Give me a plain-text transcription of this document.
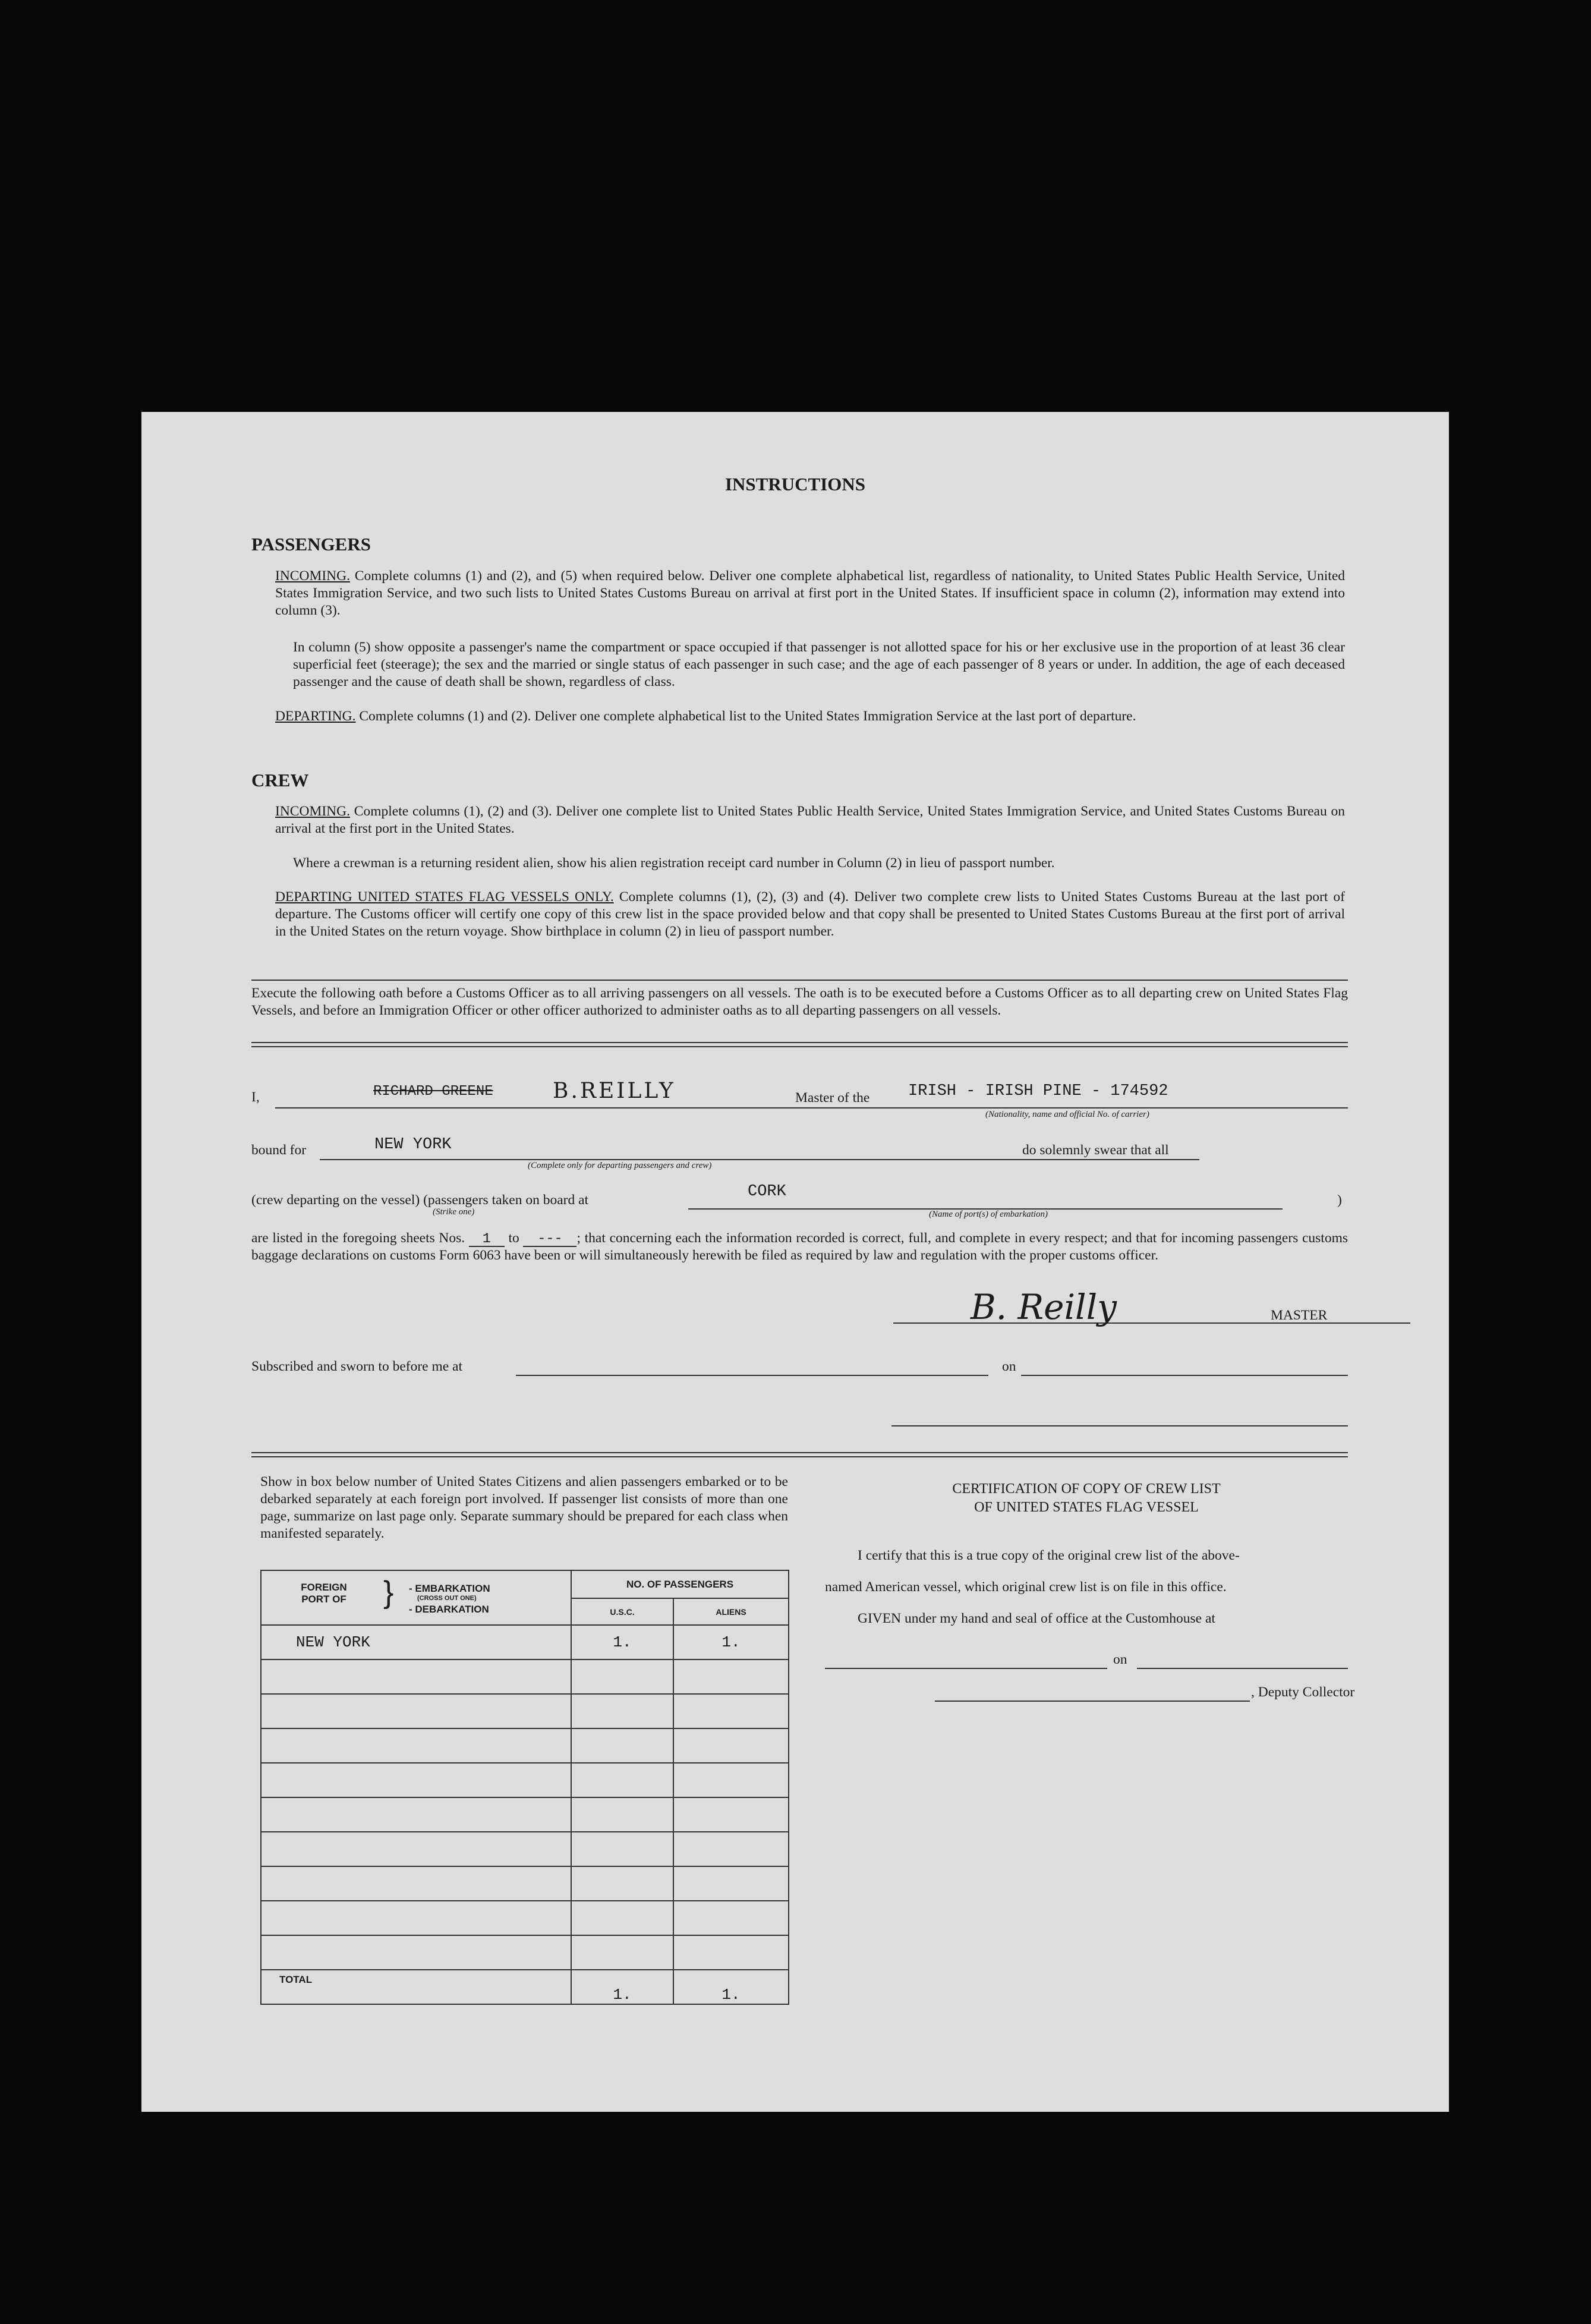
INSTRUCTIONS
PASSENGERS
INCOMING. Complete columns (1) and (2), and (5) when required below. Deliver one complete alphabetical list, regardless of nationality, to United States Public Health Service, United States Immigration Service, and two such lists to United States Customs Bureau on arrival at first port in the United States. If insufficient space in column (2), information may extend into column (3).
In column (5) show opposite a passenger's name the compartment or space occupied if that passenger is not allotted space for his or her exclusive use in the proportion of at least 36 clear superficial feet (steerage); the sex and the married or single status of each passenger in such case; and the age of each passenger of 8 years or under. In addition, the age of each deceased passenger and the cause of death shall be shown, regardless of class.
DEPARTING. Complete columns (1) and (2). Deliver one complete alphabetical list to the United States Immigration Service at the last port of departure.
CREW
INCOMING. Complete columns (1), (2) and (3). Deliver one complete list to United States Public Health Service, United States Immigration Service, and United States Customs Bureau on arrival at the first port in the United States.
Where a crewman is a returning resident alien, show his alien registration receipt card number in Column (2) in lieu of passport number.
DEPARTING UNITED STATES FLAG VESSELS ONLY. Complete columns (1), (2), (3) and (4). Deliver two complete crew lists to United States Customs Bureau at the last port of departure. The Customs officer will certify one copy of this crew list in the space provided below and that copy shall be presented to United States Customs Bureau at the first port of arrival in the United States on the return voyage. Show birthplace in column (2) in lieu of passport number.
Execute the following oath before a Customs Officer as to all arriving passengers on all vessels. The oath is to be executed before a Customs Officer as to all departing crew on United States Flag Vessels, and before an Immigration Officer or other officer authorized to administer oaths as to all departing passengers on all vessels.
I,	RICHARD GREENE	B.REILLY	Master of the IRISH - IRISH PINE - 174592
(Nationality, name and official No. of carrier)
bound for	NEW YORK
(Complete only for departing passengers and crew)
do solemnly swear that all
(crew departing on the vessel) (passengers taken on board at
(Strike one)
CORK
(Name of port(s) of embarkation)
)
are listed in the foregoing sheets Nos. 1 to --- ; that concerning each the information recorded is correct, full, and complete in every respect; and that for incoming passengers customs baggage declarations on customs Form 6063 have been or will simultaneously herewith be filed as required by law and regulation with the proper customs officer.
B. Reilly	MASTER
Subscribed and sworn to before me at	on
Show in box below number of United States Citizens and alien passengers embarked or to be debarked separately at each foreign port involved. If passenger list consists of more than one page, summarize on last page only. Separate summary should be prepared for each class when manifested separately.
FOREIGN PORT OF } - EMBARKATION
(CROSS OUT ONE)
- DEBARKATION	NO. OF PASSENGERS	
	U.S.C.	ALIENS
NEW YORK	1.	1.

TOTAL	1.	1.
CERTIFICATION OF COPY OF CREW LIST
OF UNITED STATES FLAG VESSEL
I certify that this is a true copy of the original crew list of the above-
named American vessel, which original crew list is on file in this office.
GIVEN under my hand and seal of office at the Customhouse at
on
, Deputy Collector
